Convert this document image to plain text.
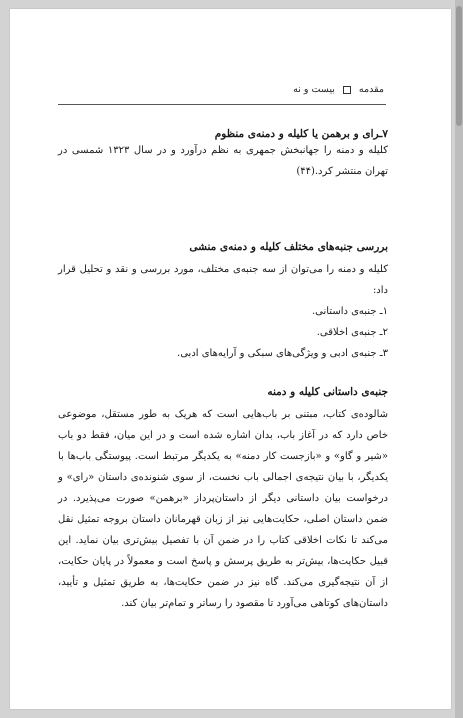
مقدمه  بیست و نه
۷ـرای و برهمن یا کلیله و دمنه‌ی منظوم

کلیله و دمنه را جهانبخش جمهری به نظم درآورد و در سال ۱۳۲۳ شمسی در تهران منتشر کرد.(۴۴)

بررسی جنبه‌های مختلف کلیله و دمنه‌ی منشی

کلیله و دمنه را می‌توان از سه جنبه‌ی مختلف، مورد بررسی و نقد و تحلیل قرار داد:

۱ـ جنبه‌ی داستانی.
۲ـ جنبه‌ی اخلاقی.
۳ـ جنبه‌ی ادبی و ویژگی‌های سبکی و آرایه‌های ادبی.
جنبه‌ی داستانی کلیله و دمنه

شالوده‌ی کتاب، مبتنی بر باب‌هایی است که هریک به طور مستقل، موضوعی خاص دارد که در آغاز باب، بدان اشاره شده است و در این میان، فقط دو باب «شیر و گاو» و «بازجست کار دمنه» به یکدیگر مرتبط است. پیوستگی باب‌ها با یکدیگر، با بیان نتیجه‌ی اجمالی باب نخست، از سوی شنونده‌ی داستان «رای» و درخواست بیان داستانی دیگر از داستان‌پرداز «برهمن» صورت می‌پذیرد. در ضمن داستان اصلی، حکایت‌هایی نیز از زبان قهرمانان داستان بروجه تمثیل نقل می‌کند تا نکات اخلاقی کتاب را در ضمن آن با تفصیل بیش‌تری بیان نماید. این قبیل حکایت‌ها، بیش‌تر به طریق پرسش و پاسخ است و معمولاً در پایان حکایت، از آن نتیجه‌گیری می‌کند. گاه نیز در ضمن حکایت‌ها، به طریق تمثیل و تأیید، داستان‌های کوتاهی می‌آورد تا مقصود را رساتر و تمام‌تر بیان کند.
